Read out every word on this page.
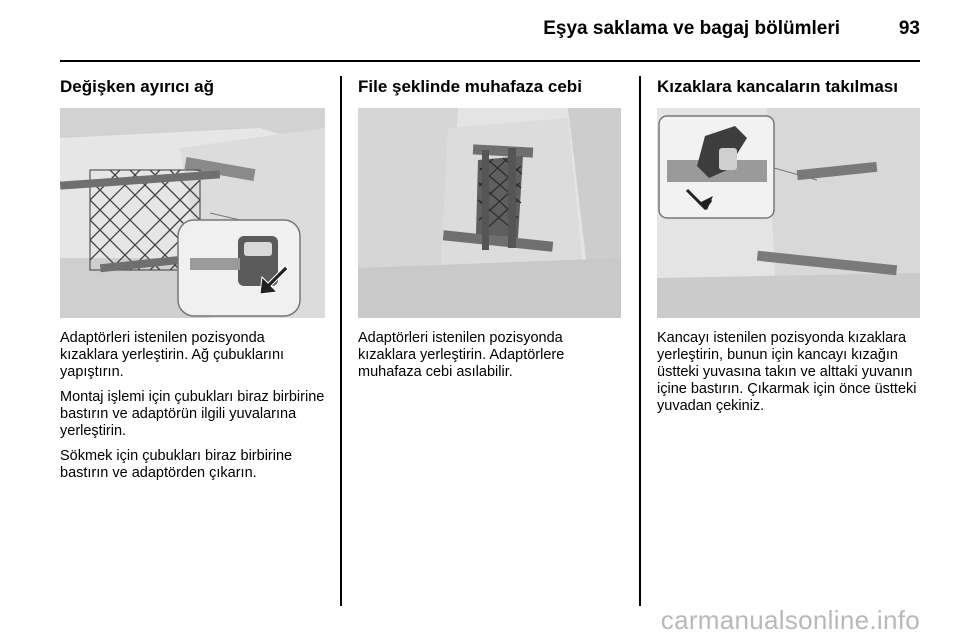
Eşya saklama ve bagaj bölümleri	93
Değişken ayırıcı ağ

Adaptörleri istenilen pozisyonda kızaklara yerleştirin. Ağ çubuklarını yapıştırın.

Montaj işlemi için çubukları biraz birbirine bastırın ve adaptörün ilgili yuvalarına yerleştirin.

Sökmek için çubukları biraz birbirine bastırın ve adaptörden çıkarın.

File şeklinde muhafaza cebi

Adaptörleri istenilen pozisyonda kızaklara yerleştirin. Adaptörlere muhafaza cebi asılabilir.

Kızaklara kancaların takılması

Kancayı istenilen pozisyonda kızaklara yerleştirin, bunun için kancayı kızağın üstteki yuvasına takın ve alttaki yuvanın içine bastırın. Çıkarmak için önce üstteki yuvadan çekiniz.

carmanualsonline.info
